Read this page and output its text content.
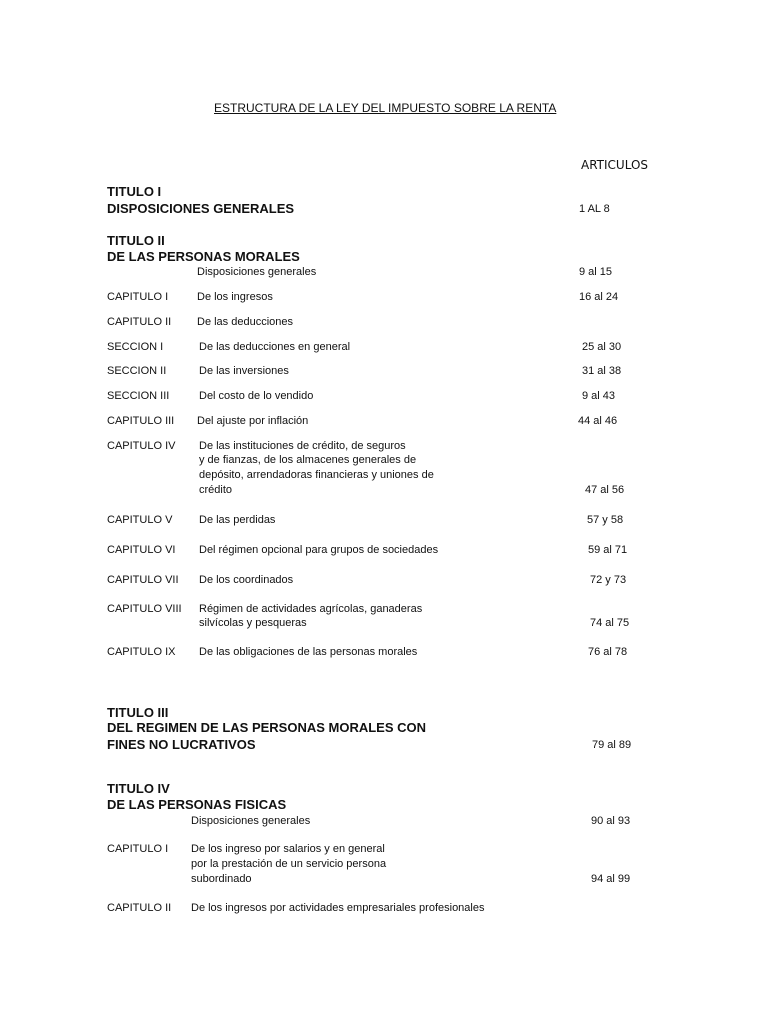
ESTRUCTURA DE LA LEY DEL IMPUESTO SOBRE LA RENTA
ARTICULOS
TITULO I
DISPOSICIONES GENERALES	1 AL 8
TITULO II
DE LAS PERSONAS MORALES
Disposiciones generales	9 al 15
CAPITULO I	De los ingresos	16 al 24
CAPITULO II De las deducciones
SECCION I	De las deducciones en general	25 al 30
SECCION II	De las inversiones	31 al 38
SECCION III	Del costo de lo vendido	9 al 43
CAPITULO III Del ajuste por inflación	44 al 46
CAPITULO IV De las instituciones de crédito, de seguros
y de fianzas, de los almacenes generales de
depósito, arrendadoras financieras y uniones de
crédito	47 al 56
CAPITULO V De las perdidas	57 y 58
CAPITULO VI Del régimen opcional para grupos de sociedades	59 al 71
CAPITULO VII De los coordinados	72 y 73
CAPITULO VIII Régimen de actividades agrícolas, ganaderas
silvícolas y pesqueras	74 al 75
CAPITULO IX De las obligaciones de las personas morales	76 al 78
TITULO III
DEL REGIMEN DE LAS PERSONAS MORALES CON
FINES NO LUCRATIVOS	79 al 89
TITULO IV
DE LAS PERSONAS FISICAS
Disposiciones generales	90 al 93
CAPITULO I De los ingreso por salarios y en general
por la prestación de un servicio persona
subordinado	94 al 99
CAPITULO II De los ingresos por actividades empresariales profesionales
